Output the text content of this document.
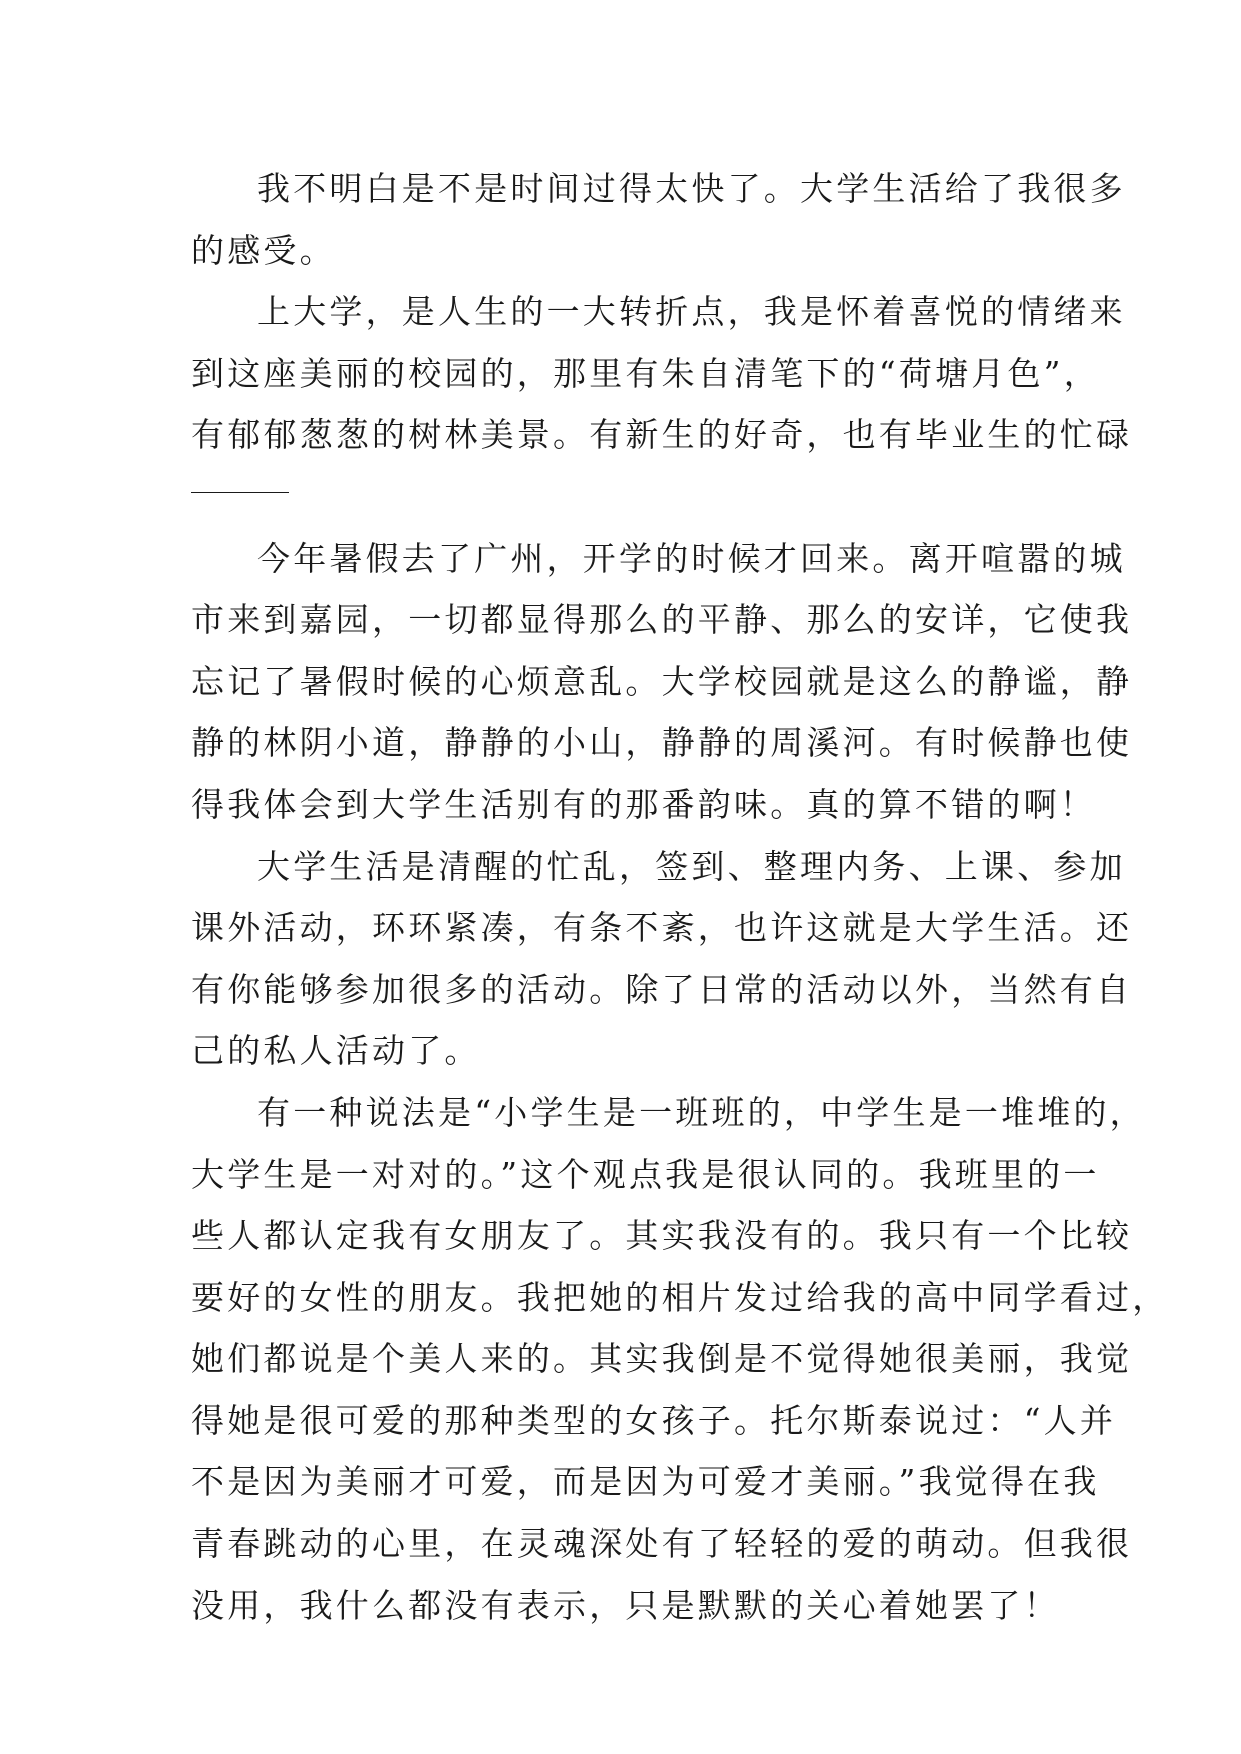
我不明白是不是时间过得太快了。大学生活给了我很多
的感受。
上大学，是人生的一大转折点，我是怀着喜悦的情绪来
到这座美丽的校园的，那里有朱自清笔下的“荷塘月色”，
有郁郁葱葱的树林美景。有新生的好奇，也有毕业生的忙碌
今年暑假去了广州，开学的时候才回来。离开喧嚣的城
市来到嘉园，一切都显得那么的平静、那么的安详，它使我
忘记了暑假时候的心烦意乱。大学校园就是这么的静谧，静
静的林阴小道，静静的小山，静静的周溪河。有时候静也使
得我体会到大学生活别有的那番韵味。真的算不错的啊！
大学生活是清醒的忙乱，签到、整理内务、上课、参加
课外活动，环环紧凑，有条不紊，也许这就是大学生活。还
有你能够参加很多的活动。除了日常的活动以外，当然有自
己的私人活动了。
有一种说法是“小学生是一班班的，中学生是一堆堆的，
大学生是一对对的。”这个观点我是很认同的。我班里的一
些人都认定我有女朋友了。其实我没有的。我只有一个比较
要好的女性的朋友。我把她的相片发过给我的高中同学看过，
她们都说是个美人来的。其实我倒是不觉得她很美丽，我觉
得她是很可爱的那种类型的女孩子。托尔斯泰说过：“人并
不是因为美丽才可爱，而是因为可爱才美丽。”我觉得在我
青春跳动的心里，在灵魂深处有了轻轻的爱的萌动。但我很
没用，我什么都没有表示，只是默默的关心着她罢了！
